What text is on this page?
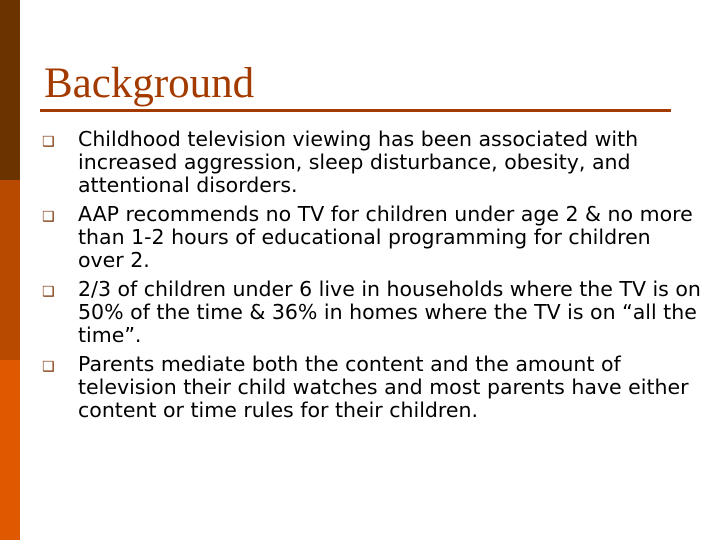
Background
❑ Childhood television viewing has been associated with increased aggression, sleep disturbance, obesity, and attentional disorders.
❑ AAP recommends no TV for children under age 2 & no more than 1-2 hours of educational programming for children over 2.
❑ 2/3 of children under 6 live in households where the TV is on 50% of the time & 36% in homes where the TV is on “all the time”.
❑ Parents mediate both the content and the amount of television their child watches and most parents have either content or time rules for their children.
